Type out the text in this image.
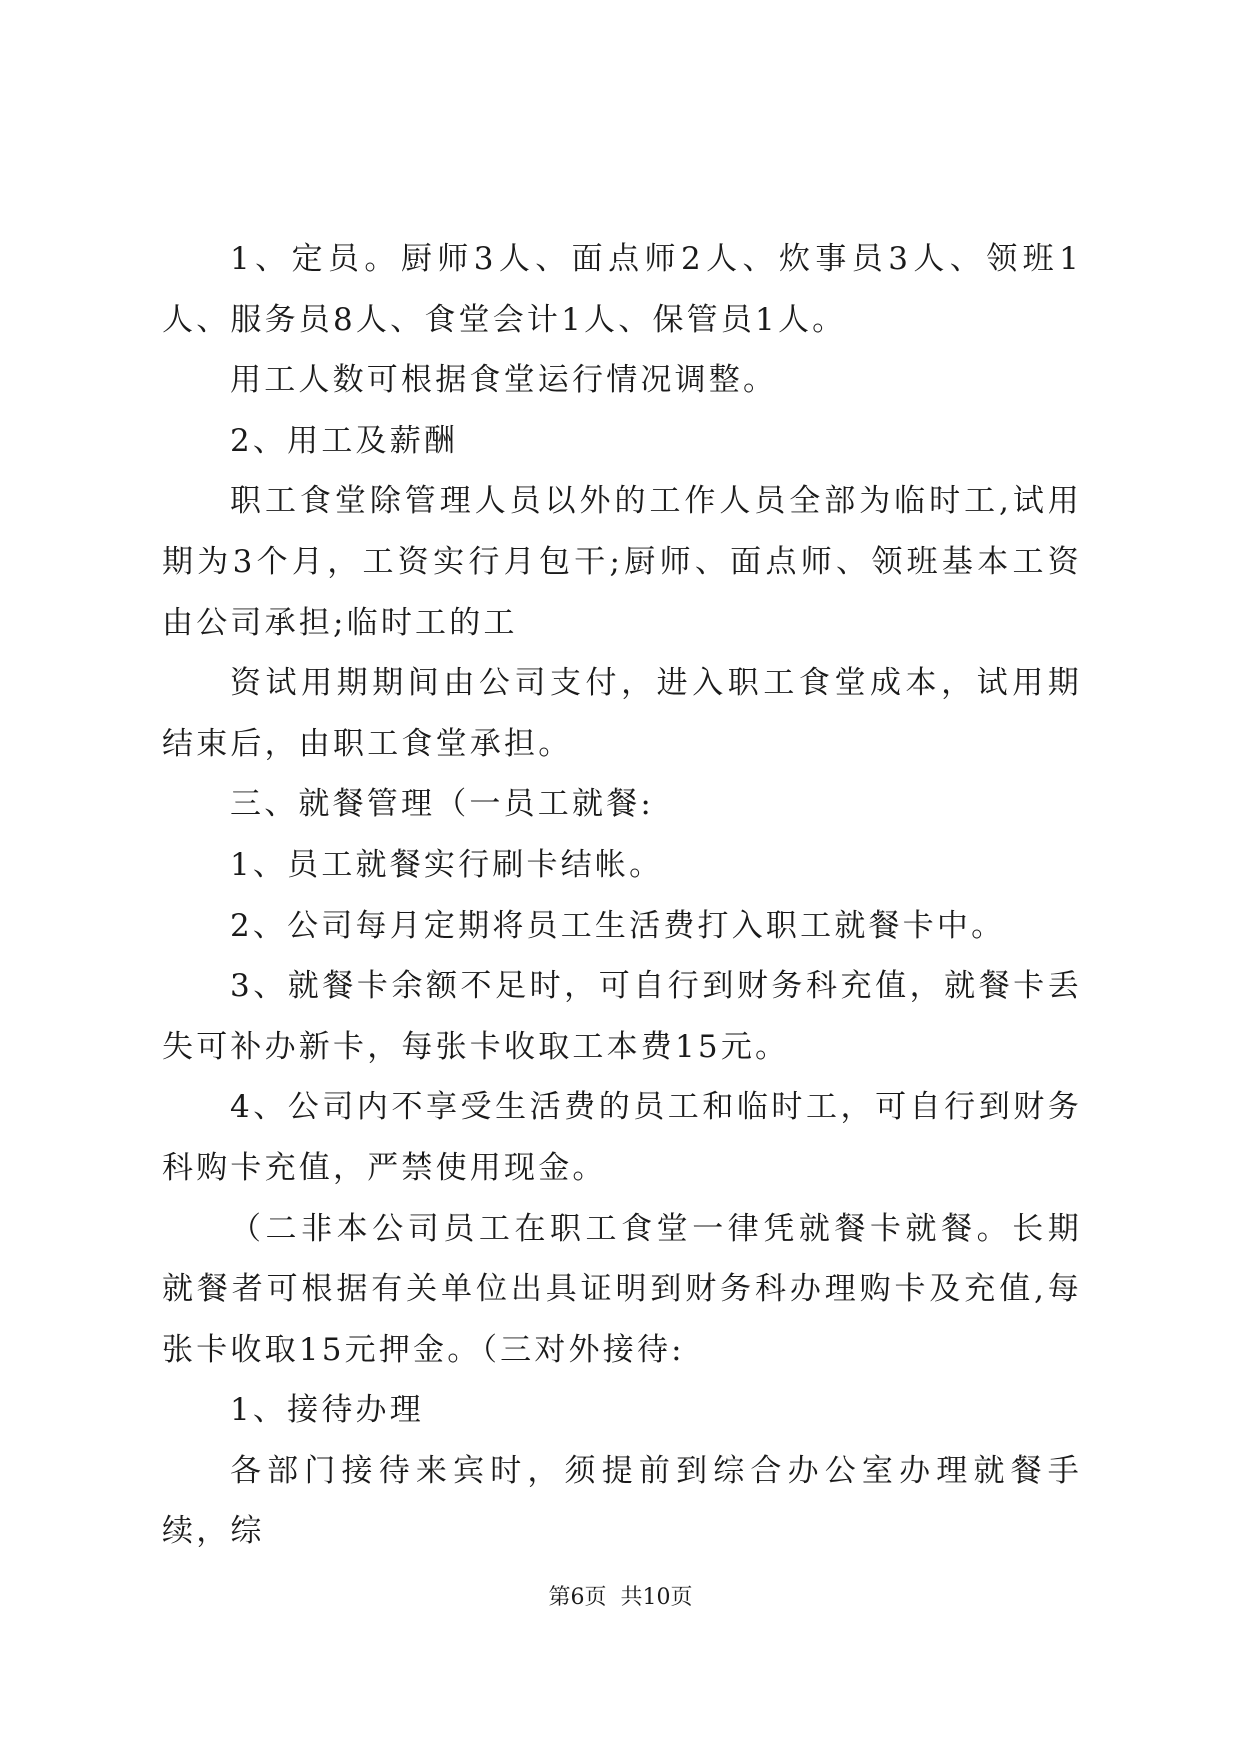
1、定员。厨师3人、面点师2人、炊事员3人、领班1人、服务员8人、食堂会计1人、保管员1人。

用工人数可根据食堂运行情况调整。

2、用工及薪酬

职工食堂除管理人员以外的工作人员全部为临时工,试用期为3个月，工资实行月包干;厨师、面点师、领班基本工资由公司承担;临时工的工

资试用期期间由公司支付，进入职工食堂成本，试用期结束后，由职工食堂承担。

三、就餐管理（一员工就餐:

1、员工就餐实行刷卡结帐。

2、公司每月定期将员工生活费打入职工就餐卡中。

3、就餐卡余额不足时，可自行到财务科充值，就餐卡丢失可补办新卡，每张卡收取工本费15元。

4、公司内不享受生活费的员工和临时工，可自行到财务科购卡充值，严禁使用现金。

（二非本公司员工在职工食堂一律凭就餐卡就餐。长期就餐者可根据有关单位出具证明到财务科办理购卡及充值,每张卡收取15元押金。（三对外接待:

1、接待办理

各部门接待来宾时，须提前到综合办公室办理就餐手续，综

第6页 共10页
